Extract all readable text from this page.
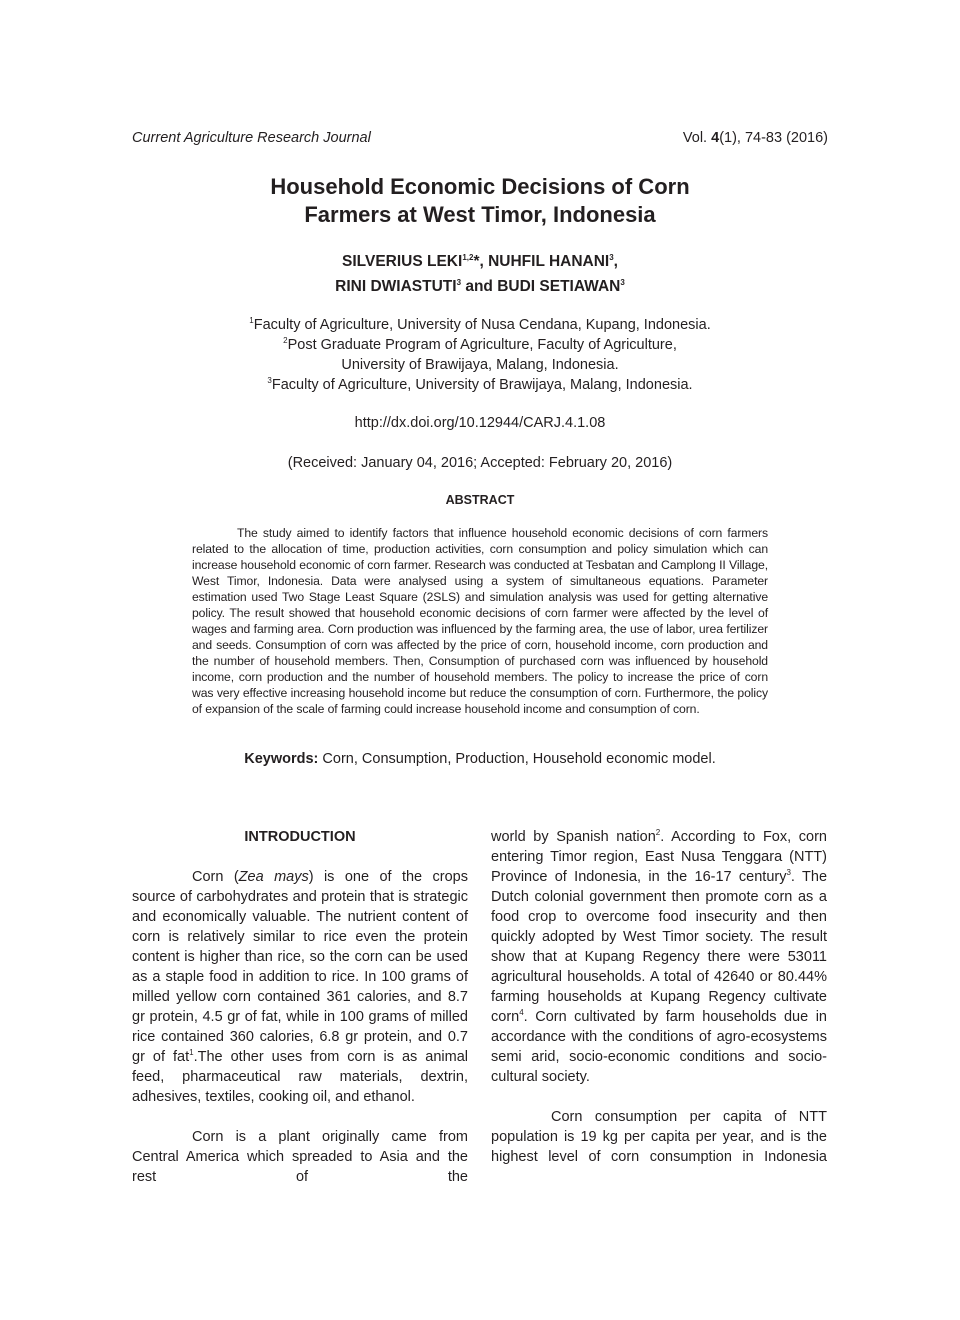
Current Agriculture Research Journal	Vol. 4(1), 74-83 (2016)
Household Economic Decisions of Corn
Farmers at West Timor, Indonesia
SILVERIUS LEKI$^{1,2}$*, NUHFIL HANANI$^3$,
RINI DWIASTUTI$^3$ and BUDI SETIAWAN$^3$
$^1$Faculty of Agriculture, University of Nusa Cendana, Kupang, Indonesia.
$^2$Post Graduate Program of Agriculture, Faculty of Agriculture,
University of Brawijaya, Malang, Indonesia.
$^3$Faculty of Agriculture, University of Brawijaya, Malang, Indonesia.
http://dx.doi.org/10.12944/CARJ.4.1.08
(Received: January 04, 2016; Accepted: February 20, 2016)
ABSTRACT
The study aimed to identify factors that influence household economic decisions of corn farmers related to the allocation of time, production activities, corn consumption and policy simulation which can increase household economic of corn farmer. Research was conducted at Tesbatan and Camplong II Village, West Timor, Indonesia. Data were analysed using a system of simultaneous equations. Parameter estimation used Two Stage Least Square (2SLS) and simulation analysis was used for getting alternative policy. The result showed that household economic decisions of corn farmer were affected by the level of wages and farming area. Corn production was influenced by the farming area, the use of labor, urea fertilizer and seeds. Consumption of corn was affected by the price of corn, household income, corn production and the number of household members. Then, Consumption of purchased corn was influenced by household income, corn production and the number of household members. The policy to increase the price of corn was very effective increasing household income but reduce the consumption of corn. Furthermore, the policy of expansion of the scale of farming could increase household income and consumption of corn.
Keywords: Corn, Consumption, Production, Household economic model.
INTRODUCTION

Corn (Zea mays) is one of the crops source of carbohydrates and protein that is strategic and economically valuable. The nutrient content of corn is relatively similar to rice even the protein content is higher than rice, so the corn can be used as a staple food in addition to rice. In 100 grams of milled yellow corn contained 361 calories, and 8.7 gr protein, 4.5 gr of fat, while in 100 grams of milled rice contained 360 calories, 6.8 gr protein, and 0.7 gr of fat$^1$.The other uses from corn is as animal feed, pharmaceutical raw materials, dextrin, adhesives, textiles, cooking oil, and ethanol.

Corn is a plant originally came from Central America which spreaded to Asia and the rest of the

world by Spanish nation$^2$. According to Fox, corn entering Timor region, East Nusa Tenggara (NTT) Province of Indonesia, in the 16-17 century$^3$. The Dutch colonial government then promote corn as a food crop to overcome food insecurity and then quickly adopted by West Timor society. The result show that at Kupang Regency there were 53011 agricultural households. A total of 42640 or 80.44% farming households at Kupang Regency cultivate corn$^4$. Corn cultivated by farm households due in accordance with the conditions of agro-ecosystems semi arid, socio-economic conditions and socio-cultural society.

Corn consumption per capita of NTT population is 19 kg per capita per year, and is the highest level of corn consumption in Indonesia
